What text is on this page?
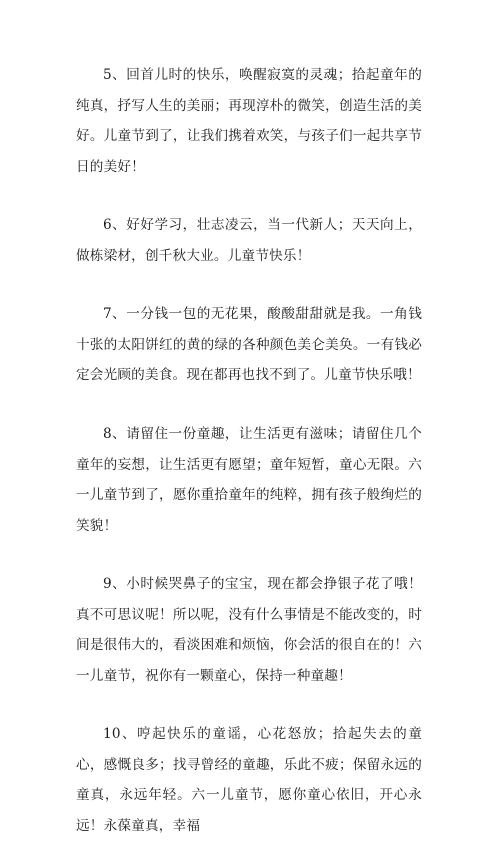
5、回首儿时的快乐，唤醒寂寞的灵魂；拾起童年的纯真，抒写人生的美丽；再现淳朴的微笑，创造生活的美好。儿童节到了，让我们携着欢笑，与孩子们一起共享节日的美好！

6、好好学习，壮志凌云，当一代新人；天天向上，做栋梁材，创千秋大业。儿童节快乐！

7、一分钱一包的无花果，酸酸甜甜就是我。一角钱十张的太阳饼红的黄的绿的各种颜色美仑美奂。一有钱必定会光顾的美食。现在都再也找不到了。儿童节快乐哦！

8、请留住一份童趣，让生活更有滋味；请留住几个童年的妄想，让生活更有愿望；童年短暂，童心无限。六一儿童节到了，愿你重拾童年的纯粹，拥有孩子般绚烂的笑貌！

9、小时候哭鼻子的宝宝，现在都会挣银子花了哦！真不可思议呢！所以呢，没有什么事情是不能改变的，时间是很伟大的，看淡困难和烦恼，你会活的很自在的！六一儿童节，祝你有一颗童心，保持一种童趣！

10、哼起快乐的童谣，心花怒放；拾起失去的童心，感慨良多；找寻曾经的童趣，乐此不疲；保留永远的童真，永远年轻。六一儿童节，愿你童心依旧，开心永远！永葆童真，幸福
